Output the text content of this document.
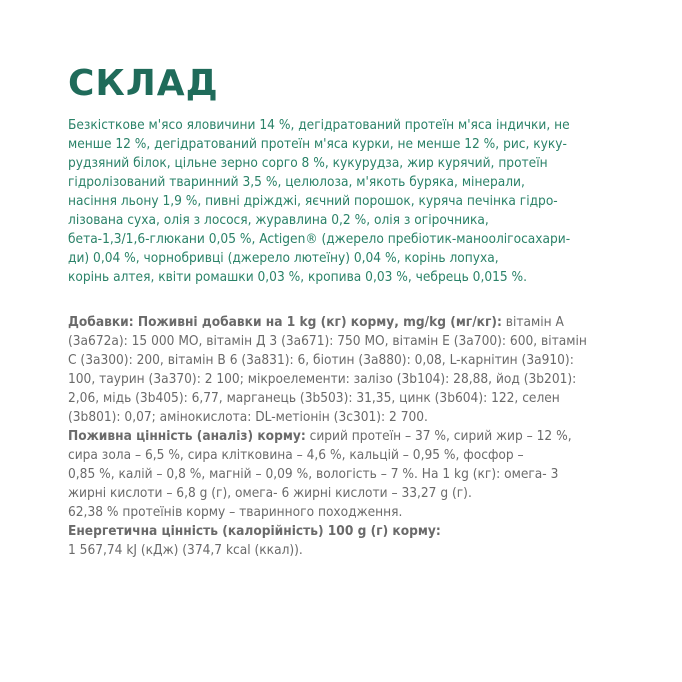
СКЛАД

Безкісткове м'ясо яловичини 14 %, дегідратований протеїн м'яса індички, не
менше 12 %, дегідратований протеїн м'яса курки, не менше 12 %, рис, куку-
рудзяний білок, цільне зерно сорго 8 %, кукурудза, жир курячий, протеїн
гідролізований тваринний 3,5 %, целюлоза, м'якоть буряка, мінерали,
насіння льону 1,9 %, пивні дріжджі, яєчний порошок, куряча печінка гідро-
лізована суха, олія з лосося, журавлина 0,2 %, олія з огірочника,
бета-1,3/1,6-глюкани 0,05 %, Actigen® (джерело пребіотик-маноолігосахари-
ди) 0,04 %, чорнобривці (джерело лютеїну) 0,04 %, корінь лопуха,
корінь алтея, квіти ромашки 0,03 %, кропива 0,03 %, чебрець 0,015 %.

Добавки: Поживні добавки на 1 kg (кг) корму, mg/kg (мг/кг): вітамін А
(3a672a): 15 000 МО, вітамін Д 3 (3a671): 750 МО, вітамін Е (3a700): 600, вітамін
С (3a300): 200, вітамін В 6 (3a831): 6, біотин (3a880): 0,08, L-карнітин (3a910):
100, таурин (3a370): 2 100; мікроелементи: залізо (3b104): 28,88, йод (3b201):
2,06, мідь (3b405): 6,77, марганець (3b503): 31,35, цинк (3b604): 122, селен
(3b801): 0,07; амінокислота: DL-метіонін (3c301): 2 700.
Поживна цінність (аналіз) корму: сирий протеїн – 37 %, сирий жир – 12 %,
сира зола – 6,5 %, сира клітковина – 4,6 %, кальцій – 0,95 %, фосфор –
0,85 %, калій – 0,8 %, магній – 0,09 %, вологість – 7 %. На 1 kg (кг): омега- 3
жирні кислоти – 6,8 g (г), омега- 6 жирні кислоти – 33,27 g (г).
62,38 % протеїнів корму – тваринного походження.
Енергетична цінність (калорійність) 100 g (г) корму:
1 567,74 kJ (кДж) (374,7 kcal (ккал)).
